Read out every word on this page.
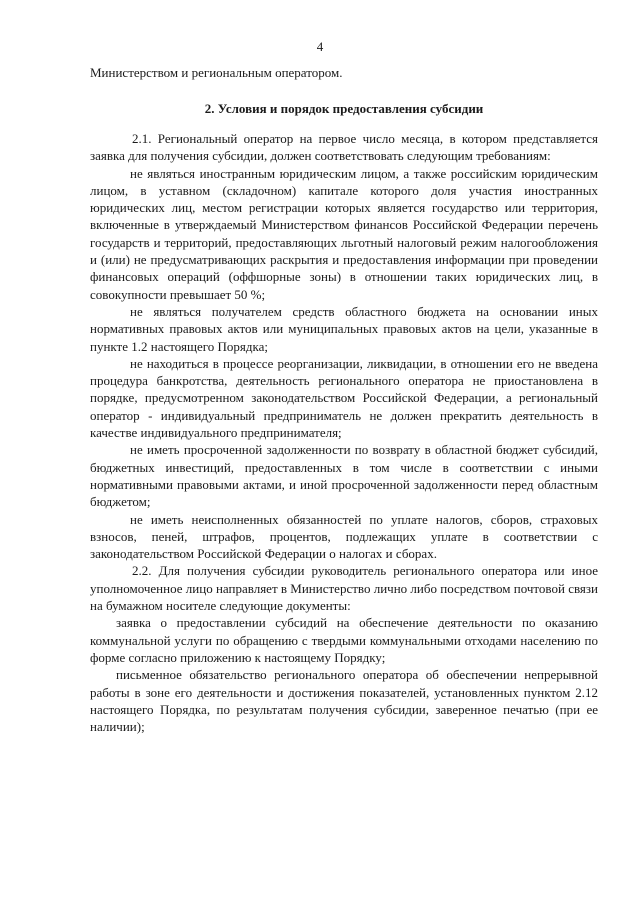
4

Министерством и региональным оператором.

2. Условия и порядок предоставления субсидии

2.1. Региональный оператор на первое число месяца, в котором представляется заявка для получения субсидии, должен соответствовать следующим требованиям:

не являться иностранным юридическим лицом, а также российским юридическим лицом, в уставном (складочном) капитале которого доля участия иностранных юридических лиц, местом регистрации которых является государство или территория, включенные в утверждаемый Министерством финансов Российской Федерации перечень государств и территорий, предоставляющих льготный налоговый режим налогообложения и (или) не предусматривающих раскрытия и предоставления информации при проведении финансовых операций (оффшорные зоны) в отношении таких юридических лиц, в совокупности превышает 50 %;

не являться получателем средств областного бюджета на основании иных нормативных правовых актов или муниципальных правовых актов на цели, указанные в пункте 1.2 настоящего Порядка;

не находиться в процессе реорганизации, ликвидации, в отношении его не введена процедура банкротства, деятельность регионального оператора не приостановлена в порядке, предусмотренном законодательством Российской Федерации, а региональный оператор - индивидуальный предприниматель не должен прекратить деятельность в качестве индивидуального предпринимателя;

не иметь просроченной задолженности по возврату в областной бюджет субсидий, бюджетных инвестиций, предоставленных в том числе в соответствии с иными нормативными правовыми актами, и иной просроченной задолженности перед областным бюджетом;

не иметь неисполненных обязанностей по уплате налогов, сборов, страховых взносов, пеней, штрафов, процентов, подлежащих уплате в соответствии с законодательством Российской Федерации о налогах и сборах.

2.2. Для получения субсидии руководитель регионального оператора или иное уполномоченное лицо направляет в Министерство лично либо посредством почтовой связи на бумажном носителе следующие документы:

заявка о предоставлении субсидий на обеспечение деятельности по оказанию коммунальной услуги по обращению с твердыми коммунальными отходами населению по форме согласно приложению к настоящему Порядку;

письменное обязательство регионального оператора об обеспечении непрерывной работы в зоне его деятельности и достижения показателей, установленных пунктом 2.12 настоящего Порядка, по результатам получения субсидии, заверенное печатью (при ее наличии);
